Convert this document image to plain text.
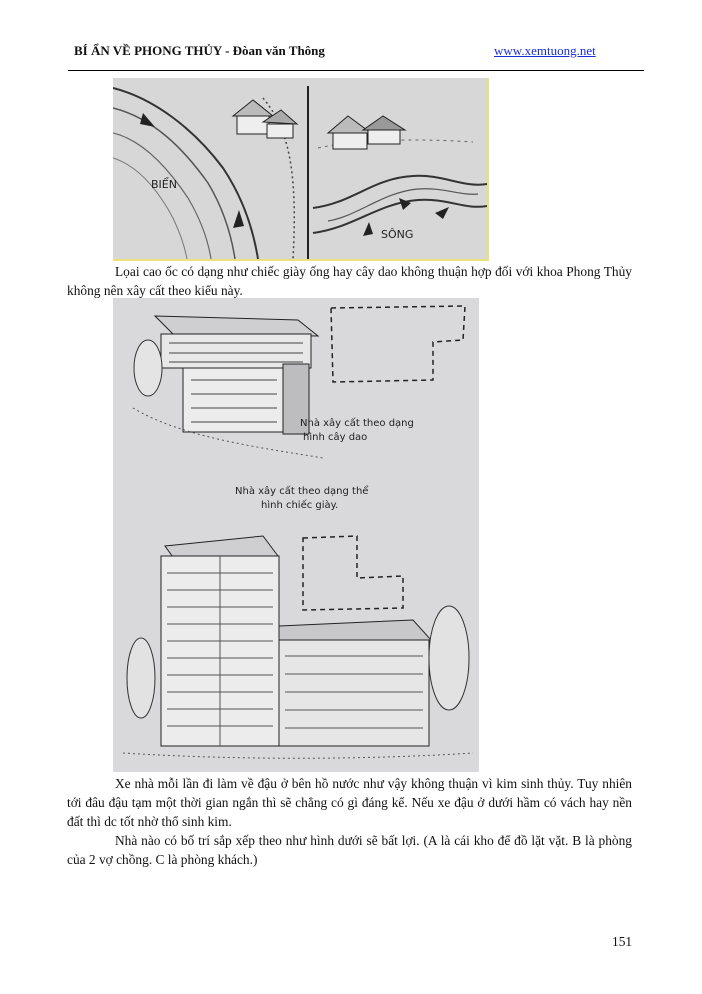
BÍ ẨN VỀ PHONG THỦY - Đòan văn Thông	www.xemtuong.net
BIỂN
SÔNG

Lọai cao ốc có dạng như chiếc giày ống hay cây dao không thuận hợp đối với khoa Phong Thủy không nên xây cất theo kiểu này.

Nhà xây cất theo dạng
hình cây dao
Nhà xây cất theo dạng thể
hình chiếc giày.

Xe nhà mỗi lần đi làm về đậu ở bên hồ nước như vậy không thuận vì kim sinh thủy. Tuy nhiên tới đâu đậu tạm một thời gian ngắn thì sẽ chẳng có gì đáng kể. Nếu xe đậu ở dưới hầm có vách hay nền đất thì dc tốt nhờ thổ sinh kim.

Nhà nào có bố trí sắp xếp theo như hình dưới sẽ bất lợi. (A là cái kho để đồ lặt vặt. B là phòng của 2 vợ chồng. C là phòng khách.)

151
